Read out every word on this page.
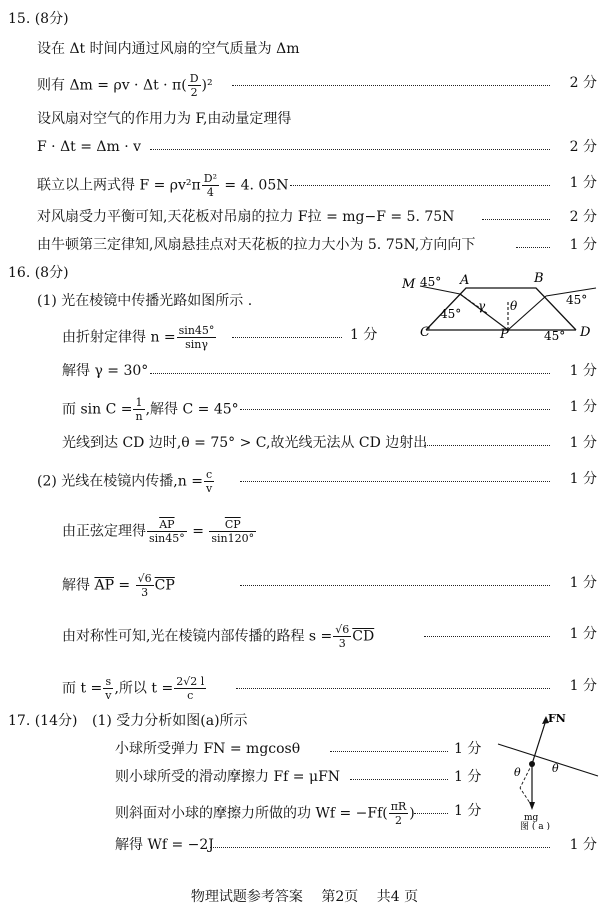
15. (8分)
设在 Δt 时间内通过风扇的空气质量为 Δm
则有 $\Delta m = \rho v \cdot \Delta t \cdot \pi( \frac{D}{2} )^2$	2 分
设风扇对空气的作用力为 F,由动量定理得
F · Δt = Δm · v	2 分
联立以上两式得 $F = \rho v^2\pi \frac{\text{D²}}{4} = 4$. 05N	1 分
对风扇受力平衡可知,天花板对吊扇的拉力 F拉 = mg−F = 5. 75N	2 分
由牛顿第三定律知,风扇悬挂点对天花板的拉力大小为 5. 75N,方向向下	1 分
16. (8分)
(1) 光在棱镜中传播光路如图所示 .
由折射定律得 $n = \frac{\sin 45^\circ}{\sin\gamma}$	1 分
解得 γ = 30°	1 分
而 $\sin C = \frac{1}{n}$ ,解得 C = 45°	1 分
光线到达 CD 边时,θ = 75° > C,故光线无法从 CD 边射出	1 分
(2) 光线在棱镜内传播$,n = \frac{c}{v}$	1 分
由正弦定理得 $\frac{\overline{AP}}{\sin 45^\circ} = \frac{\overline{CP}}{\sin 120^\circ}$
解得 $\overline{AP} = \frac{√6}{3} \overline{CP}$	1 分
由对称性可知,光在棱镜内部传播的路程 $s = \frac{√6}{3} \overline{CD}$	1 分
而 $t = \frac{s}{v}$ ,所以 $t = \frac{2√2 l}{c}$	1 分
M 45° A	B
C	D
P
45°
45°
45°
θ
γ
17. (14分) (1) 受力分析如图(a)所示
小球所受弹力 FN = mgcosθ	1 分
则小球所受的滑动摩擦力 Ff = μFN	1 分
则斜面对小球的摩擦力所做的功 $Wf = -Ff( \frac{\pi R}{2}$ )	1 分
解得 Wf = −2J	1 分
FN
mg
θ	θ
图 ( a )
物理试题参考答案 第2页 共4 页
